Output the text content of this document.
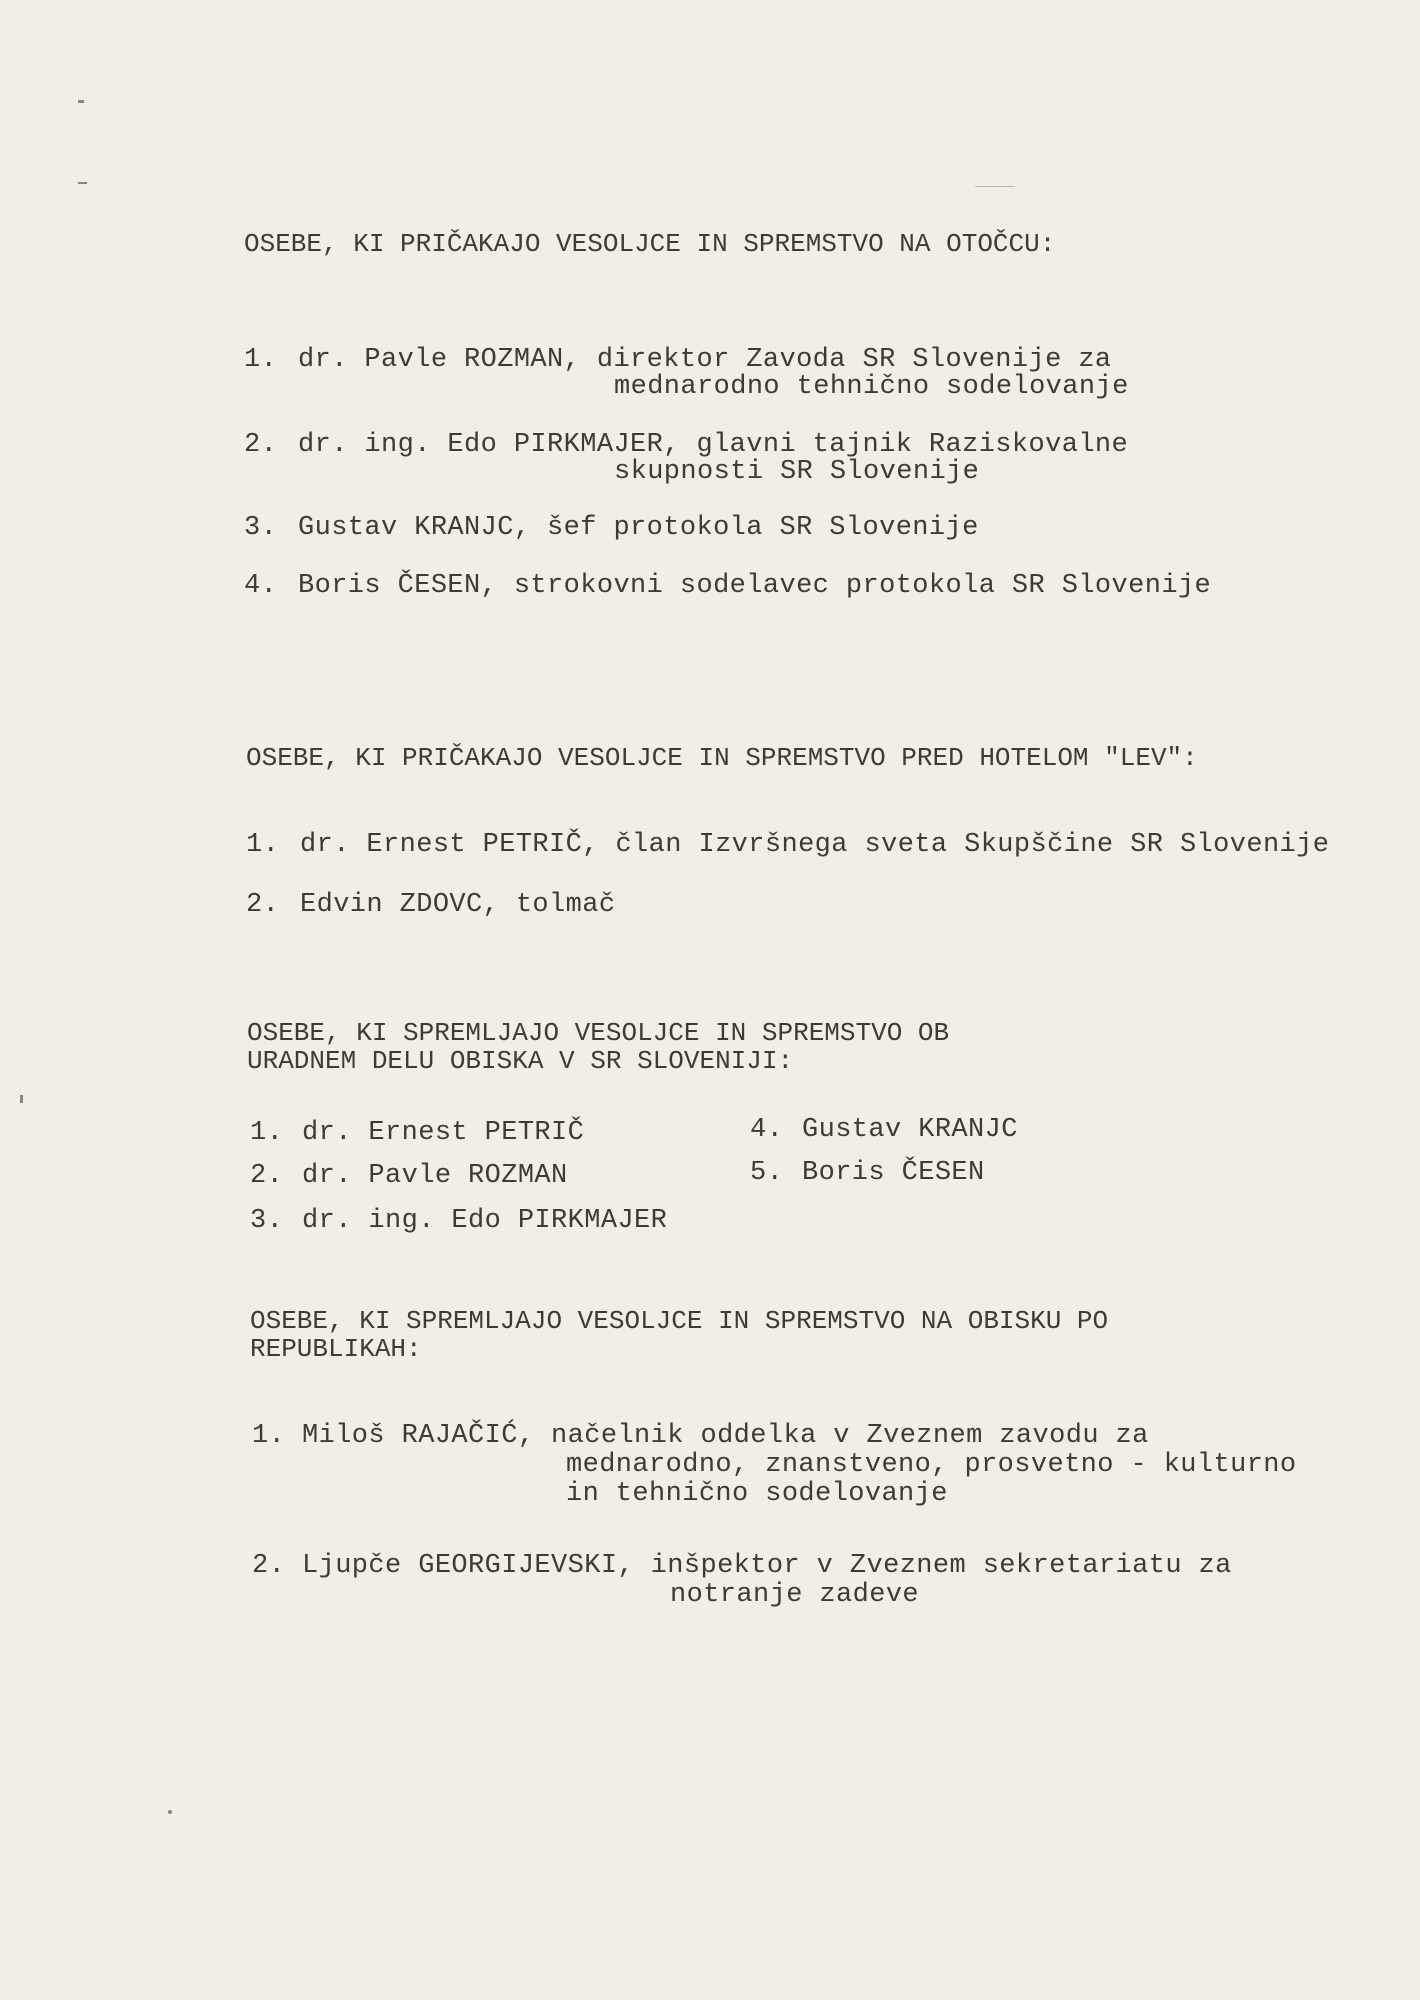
OSEBE, KI PRIČAKAJO VESOLJCE IN SPREMSTVO NA OTOČCU:
1. dr. Pavle ROZMAN, direktor Zavoda SR Slovenije za
mednarodno tehnično sodelovanje
2. dr. ing. Edo PIRKMAJER, glavni tajnik Raziskovalne
skupnosti SR Slovenije
3. Gustav KRANJC, šef protokola SR Slovenije
4. Boris ČESEN, strokovni sodelavec protokola SR Slovenije
OSEBE, KI PRIČAKAJO VESOLJCE IN SPREMSTVO PRED HOTELOM "LEV":
1. dr. Ernest PETRIČ, član Izvršnega sveta Skupščine SR Slovenije
2. Edvin ZDOVC, tolmač
OSEBE, KI SPREMLJAJO VESOLJCE IN SPREMSTVO OB
URADNEM DELU OBISKA V SR SLOVENIJI:
1. dr. Ernest PETRIČ
2. dr. Pavle ROZMAN
3. dr. ing. Edo PIRKMAJER
4. Gustav KRANJC
5. Boris ČESEN
OSEBE, KI SPREMLJAJO VESOLJCE IN SPREMSTVO NA OBISKU PO
REPUBLIKAH:
1. Miloš RAJAČIĆ, načelnik oddelka v Zveznem zavodu za
mednarodno, znanstveno, prosvetno - kulturno
in tehnično sodelovanje
2. Ljupče GEORGIJEVSKI, inšpektor v Zveznem sekretariatu za
notranje zadeve
